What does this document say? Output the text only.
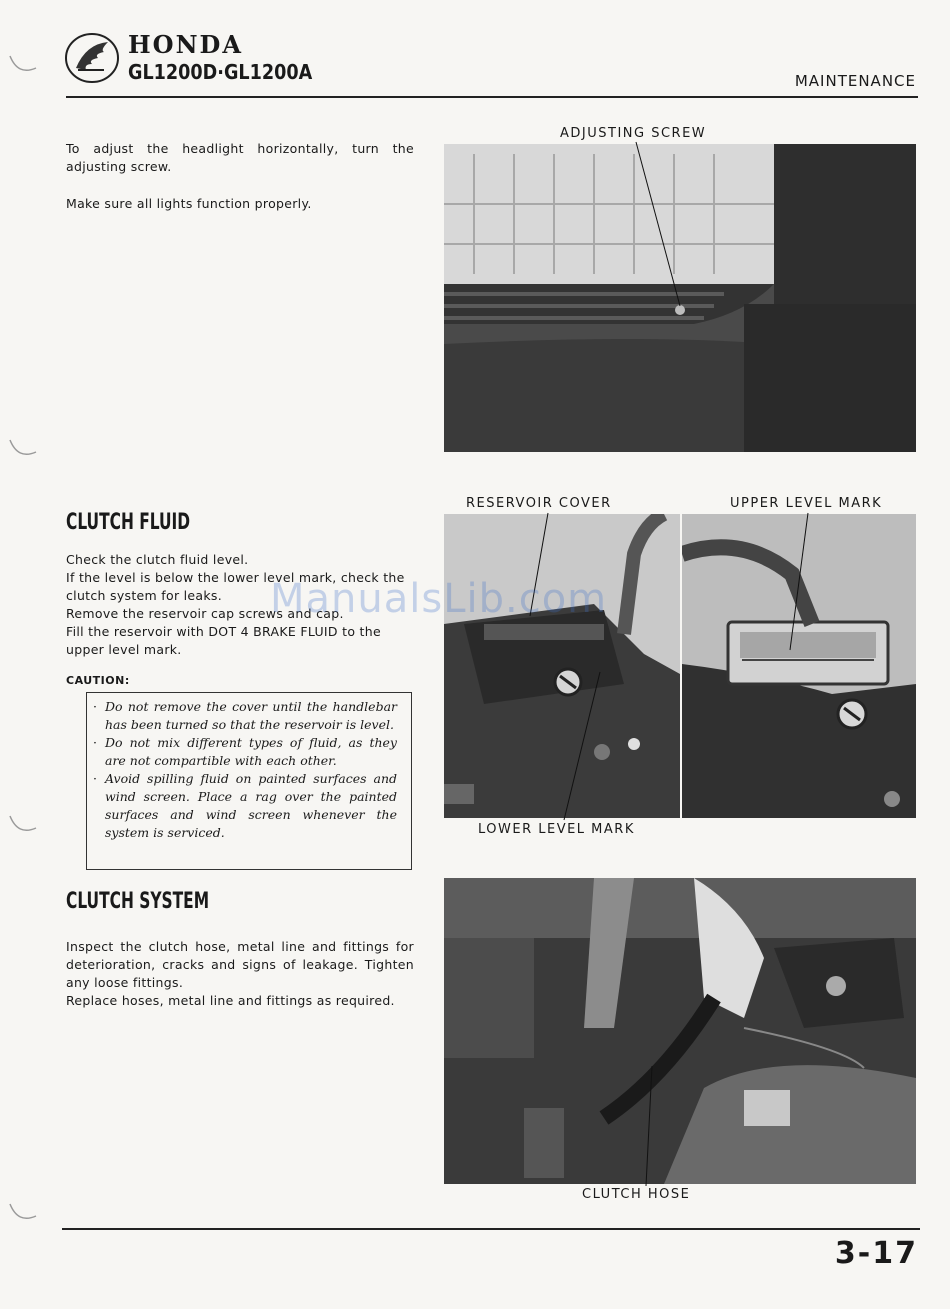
HONDA
GL1200D·GL1200A	MAINTENANCE
To adjust the headlight horizontally, turn the adjusting screw.
Make sure all lights function properly.
ADJUSTING SCREW
CLUTCH FLUID
Check the clutch fluid level.
If the level is below the lower level mark, check the clutch system for leaks.
Remove the reservoir cap screws and cap.
Fill the reservoir with DOT 4 BRAKE FLUID to the upper level mark.
CAUTION:
· Do not remove the cover until the handlebar has been turned so that the reservoir is level.
· Do not mix different types of fluid, as they are not compartible with each other.
· Avoid spilling fluid on painted surfaces and wind screen. Place a rag over the painted surfaces and wind screen whenever the system is serviced.
RESERVOIR COVER	UPPER LEVEL MARK
LOWER LEVEL MARK
CLUTCH SYSTEM
Inspect the clutch hose, metal line and fittings for deterioration, cracks and signs of leakage. Tighten any loose fittings.
Replace hoses, metal line and fittings as required.
CLUTCH HOSE
ManualsLib.com
3-17
